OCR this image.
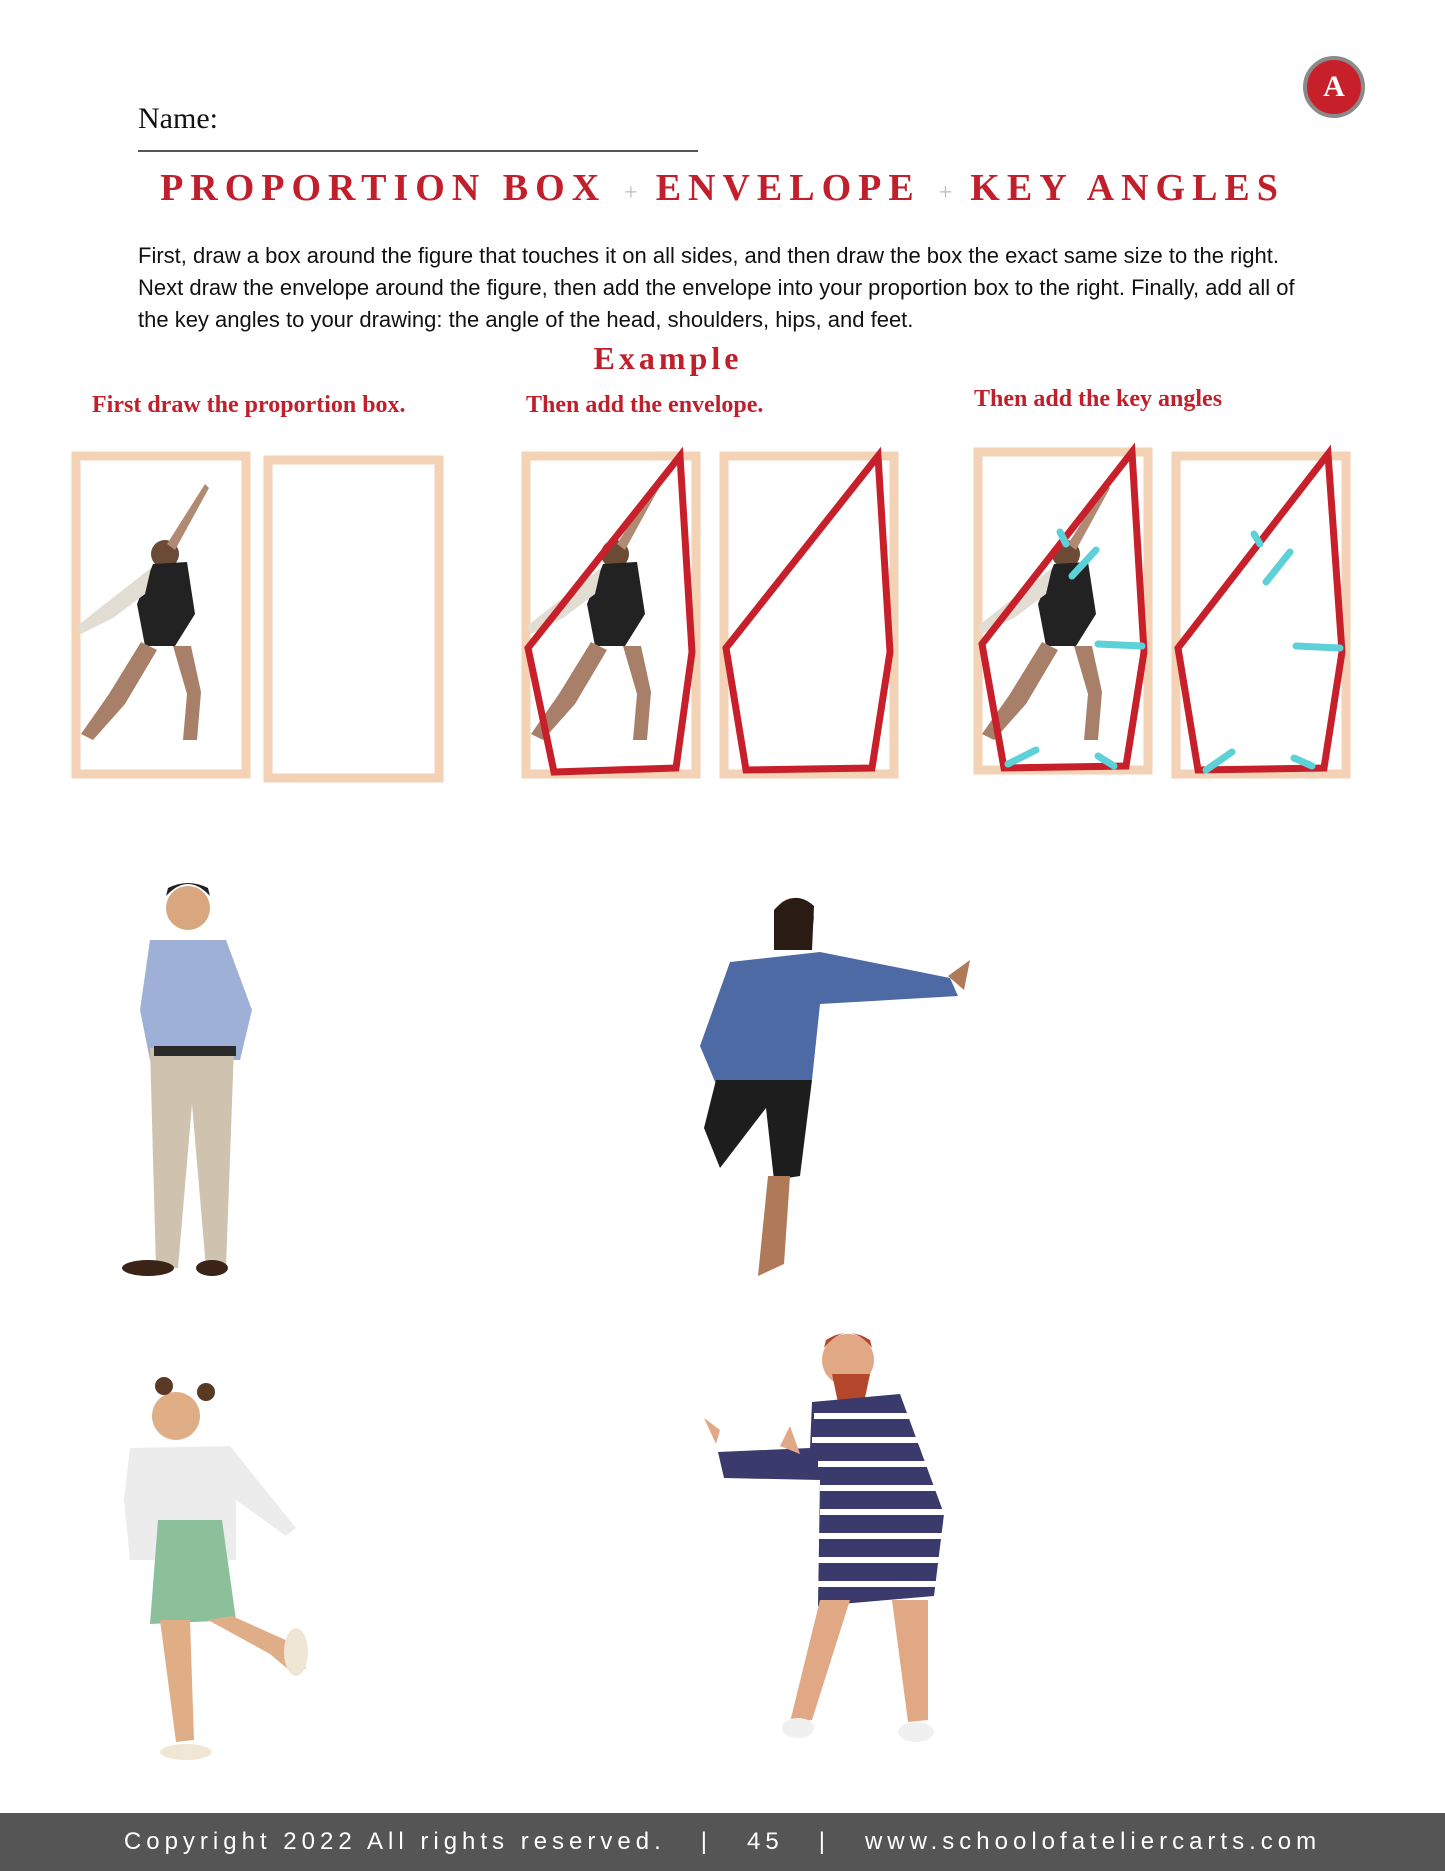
A
Name:
PROPORTION BOX + ENVELOPE + KEY ANGLES
First, draw a box around the figure that touches it on all sides, and then draw the box the exact same size to the right. Next draw the envelope around the figure, then add the envelope into your proportion box to the right. Finally, add all of the key angles to your drawing: the angle of the head, shoulders, hips, and feet.
Example
First draw the proportion box.	Then add the envelope.	Then add the key angles
Copyright 2022 All rights reserved.   |   45   |   www.schoolofateliercarts.com
